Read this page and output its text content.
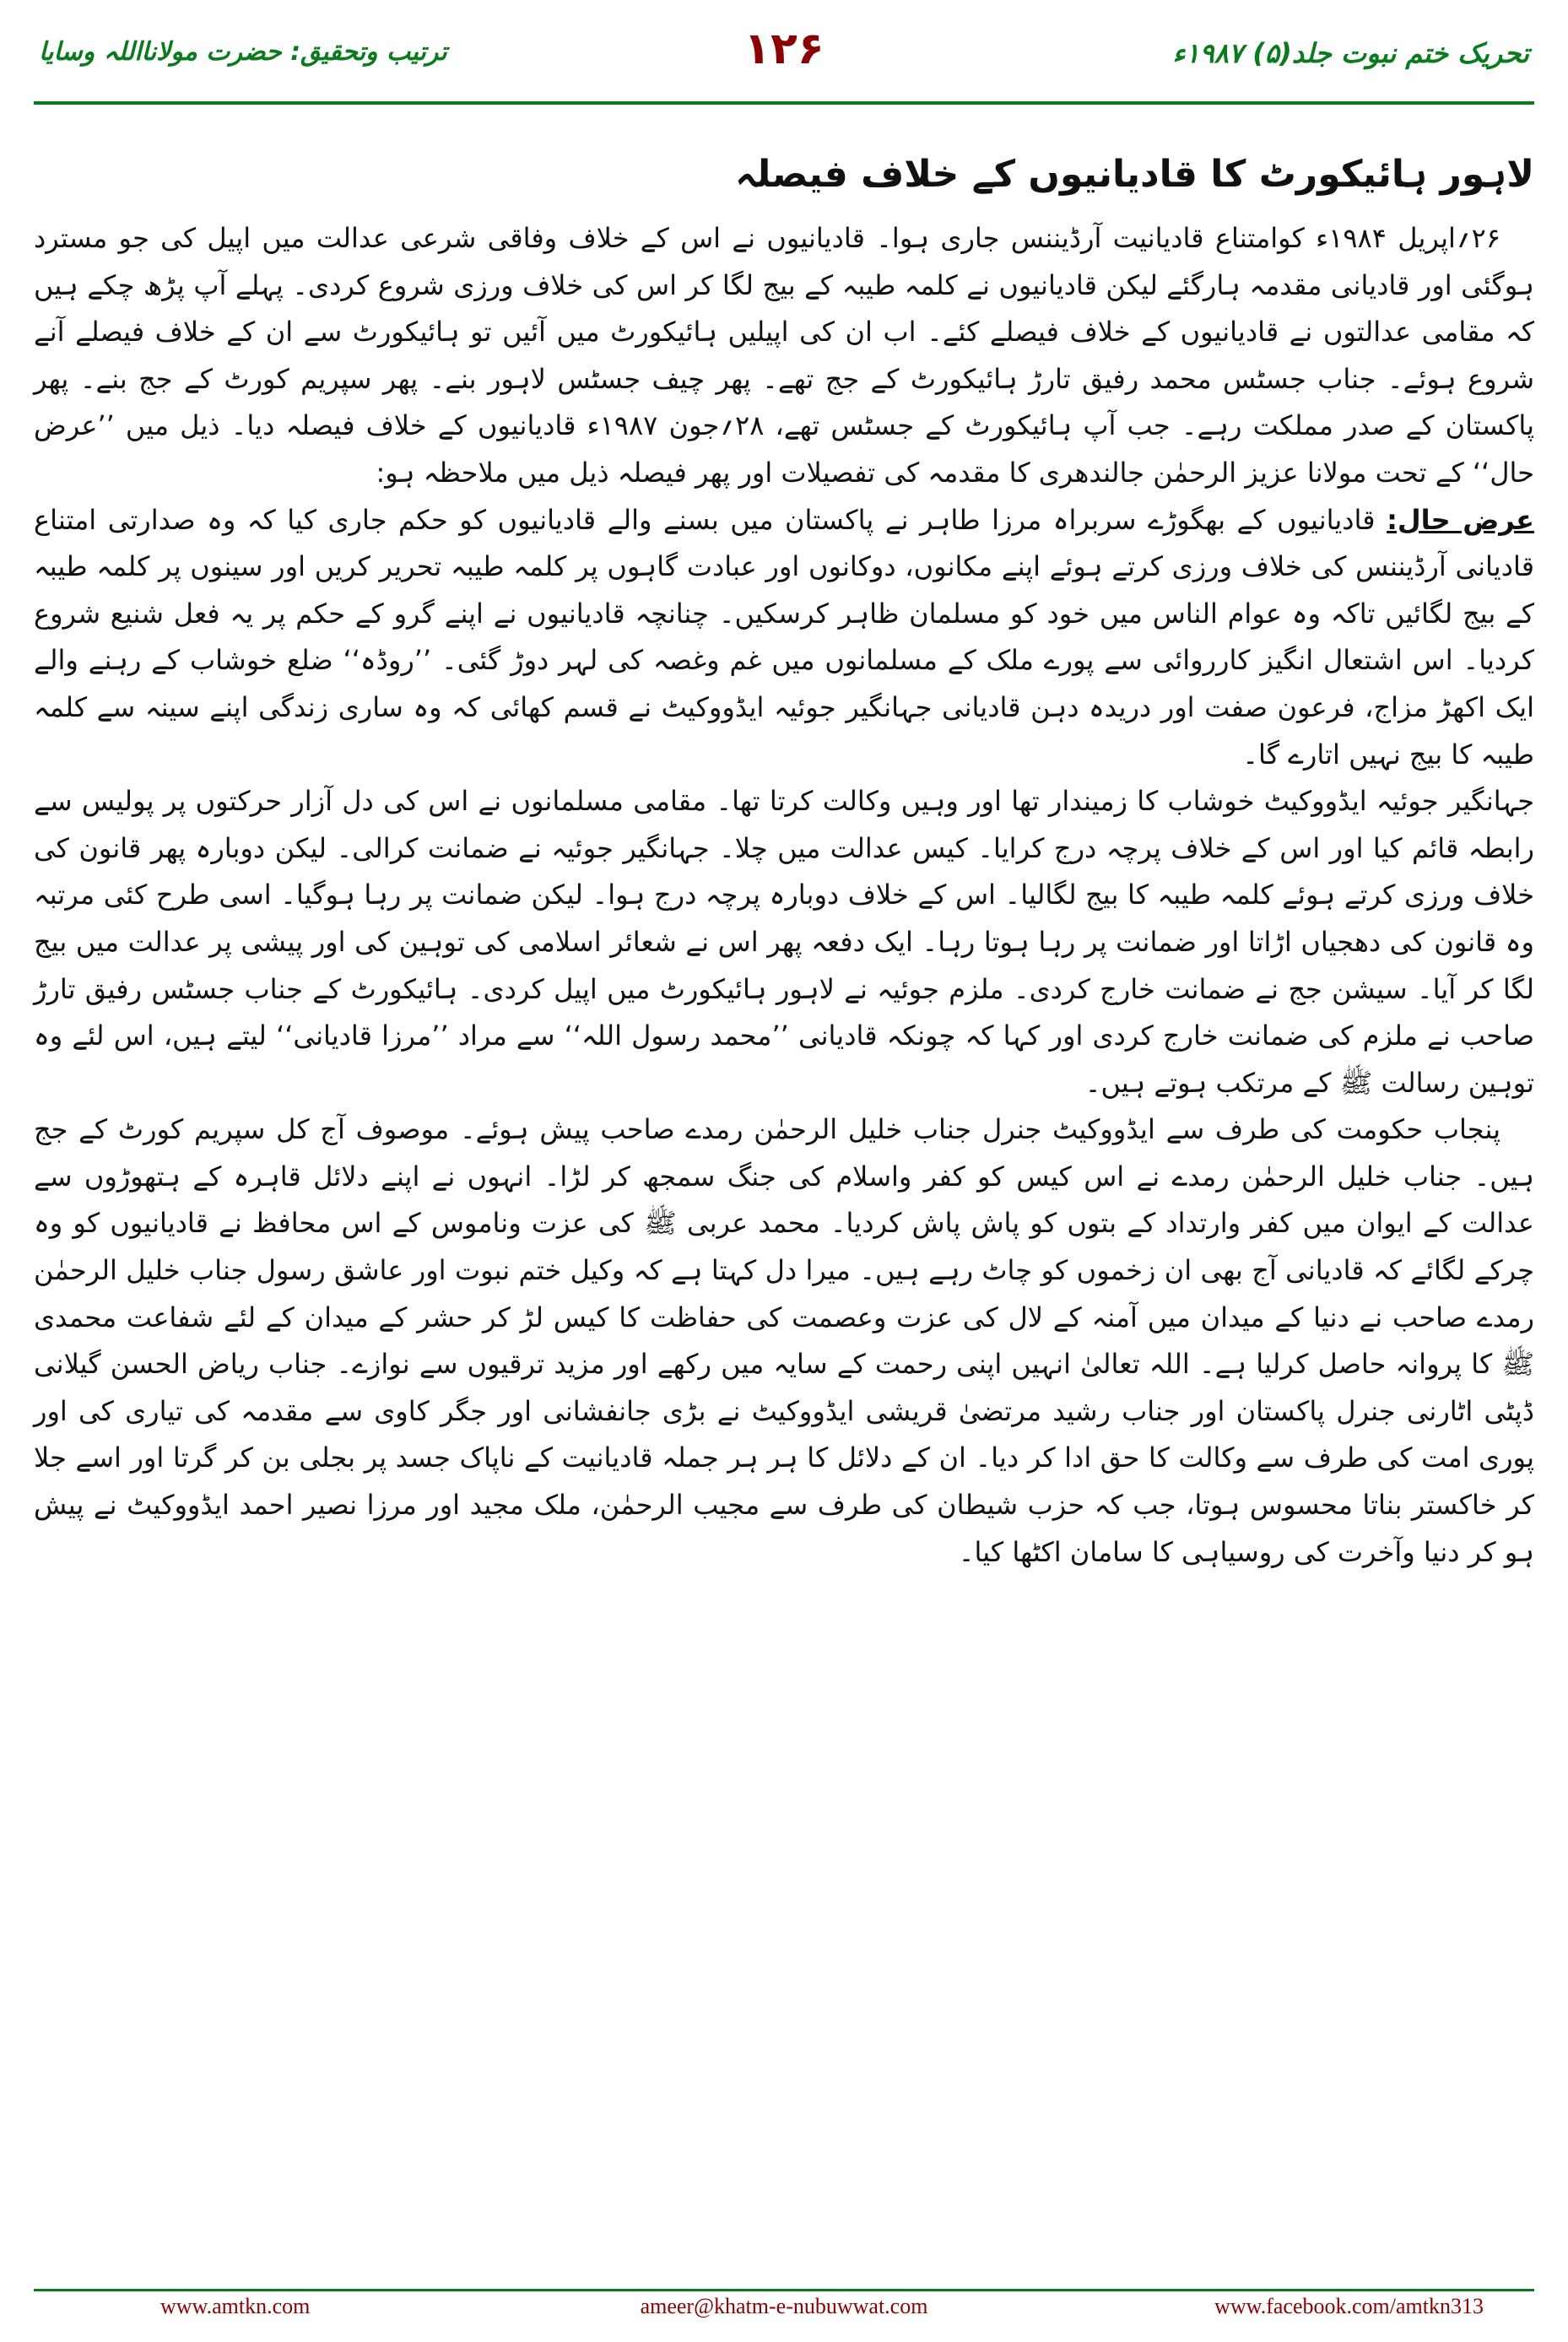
تحریک ختم نبوت جلد(۵) ۱۹۸۷ء
۱۲۶
ترتیب وتحقیق: حضرت مولانااللہ وسایا
لاہور ہائیکورٹ کا قادیانیوں کے خلاف فیصلہ

۲۶؍اپریل ۱۹۸۴ء کوامتناع قادیانیت آرڈیننس جاری ہوا۔ قادیانیوں نے اس کے خلاف وفاقی شرعی عدالت میں اپیل کی جو مسترد ہوگئی اور قادیانی مقدمہ ہارگئے لیکن قادیانیوں نے کلمہ طیبہ کے بیج لگا کر اس کی خلاف ورزی شروع کردی۔ پہلے آپ پڑھ چکے ہیں کہ مقامی عدالتوں نے قادیانیوں کے خلاف فیصلے کئے۔ اب ان کی اپیلیں ہائیکورٹ میں آئیں تو ہائیکورٹ سے ان کے خلاف فیصلے آنے شروع ہوئے۔ جناب جسٹس محمد رفیق تارڑ ہائیکورٹ کے جج تھے۔ پھر چیف جسٹس لاہور بنے۔ پھر سپریم کورٹ کے جج بنے۔ پھر پاکستان کے صدر مملکت رہے۔ جب آپ ہائیکورٹ کے جسٹس تھے، ۲۸؍جون ۱۹۸۷ء قادیانیوں کے خلاف فیصلہ دیا۔ ذیل میں ’’عرض حال‘‘ کے تحت مولانا عزیز الرحمٰن جالندھری کا مقدمہ کی تفصیلات اور پھر فیصلہ ذیل میں ملاحظہ ہو:

عرض حال: قادیانیوں کے بھگوڑے سربراہ مرزا طاہر نے پاکستان میں بسنے والے قادیانیوں کو حکم جاری کیا کہ وہ صدارتی امتناع قادیانی آرڈیننس کی خلاف ورزی کرتے ہوئے اپنے مکانوں، دوکانوں اور عبادت گاہوں پر کلمہ طیبہ تحریر کریں اور سینوں پر کلمہ طیبہ کے بیج لگائیں تاکہ وہ عوام الناس میں خود کو مسلمان ظاہر کرسکیں۔ چنانچہ قادیانیوں نے اپنے گرو کے حکم پر یہ فعل شنیع شروع کردیا۔ اس اشتعال انگیز کارروائی سے پورے ملک کے مسلمانوں میں غم وغصہ کی لہر دوڑ گئی۔ ’’روڈہ‘‘ ضلع خوشاب کے رہنے والے ایک اکھڑ مزاج، فرعون صفت اور دریدہ دہن قادیانی جہانگیر جوئیہ ایڈووکیٹ نے قسم کھائی کہ وہ ساری زندگی اپنے سینہ سے کلمہ طیبہ کا بیج نہیں اتارے گا۔

جہانگیر جوئیہ ایڈووکیٹ خوشاب کا زمیندار تھا اور وہیں وکالت کرتا تھا۔ مقامی مسلمانوں نے اس کی دل آزار حرکتوں پر پولیس سے رابطہ قائم کیا اور اس کے خلاف پرچہ درج کرایا۔ کیس عدالت میں چلا۔ جہانگیر جوئیہ نے ضمانت کرالی۔ لیکن دوبارہ پھر قانون کی خلاف ورزی کرتے ہوئے کلمہ طیبہ کا بیج لگالیا۔ اس کے خلاف دوبارہ پرچہ درج ہوا۔ لیکن ضمانت پر رہا ہوگیا۔ اسی طرح کئی مرتبہ وہ قانون کی دھجیاں اڑاتا اور ضمانت پر رہا ہوتا رہا۔ ایک دفعہ پھر اس نے شعائر اسلامی کی توہین کی اور پیشی پر عدالت میں بیج لگا کر آیا۔ سیشن جج نے ضمانت خارج کردی۔ ملزم جوئیہ نے لاہور ہائیکورٹ میں اپیل کردی۔ ہائیکورٹ کے جناب جسٹس رفیق تارڑ صاحب نے ملزم کی ضمانت خارج کردی اور کہا کہ چونکہ قادیانی ’’محمد رسول اللہ‘‘ سے مراد ’’مرزا قادیانی‘‘ لیتے ہیں، اس لئے وہ توہین رسالت ﷺ کے مرتکب ہوتے ہیں۔

پنجاب حکومت کی طرف سے ایڈووکیٹ جنرل جناب خلیل الرحمٰن رمدے صاحب پیش ہوئے۔ موصوف آج کل سپریم کورٹ کے جج ہیں۔ جناب خلیل الرحمٰن رمدے نے اس کیس کو کفر واسلام کی جنگ سمجھ کر لڑا۔ انہوں نے اپنے دلائل قاہرہ کے ہتھوڑوں سے عدالت کے ایوان میں کفر وارتداد کے بتوں کو پاش پاش کردیا۔ محمد عربی ﷺ کی عزت وناموس کے اس محافظ نے قادیانیوں کو وہ چرکے لگائے کہ قادیانی آج بھی ان زخموں کو چاٹ رہے ہیں۔ میرا دل کہتا ہے کہ وکیل ختم نبوت اور عاشق رسول جناب خلیل الرحمٰن رمدے صاحب نے دنیا کے میدان میں آمنہ کے لال کی عزت وعصمت کی حفاظت کا کیس لڑ کر حشر کے میدان کے لئے شفاعت محمدی ﷺ کا پروانہ حاصل کرلیا ہے۔ اللہ تعالیٰ انہیں اپنی رحمت کے سایہ میں رکھے اور مزید ترقیوں سے نوازے۔ جناب ریاض الحسن گیلانی ڈپٹی اٹارنی جنرل پاکستان اور جناب رشید مرتضیٰ قریشی ایڈووکیٹ نے بڑی جانفشانی اور جگر کاوی سے مقدمہ کی تیاری کی اور پوری امت کی طرف سے وکالت کا حق ادا کر دیا۔ ان کے دلائل کا ہر ہر جملہ قادیانیت کے ناپاک جسد پر بجلی بن کر گرتا اور اسے جلا کر خاکستر بناتا محسوس ہوتا، جب کہ حزب شیطان کی طرف سے مجیب الرحمٰن، ملک مجید اور مرزا نصیر احمد ایڈووکیٹ نے پیش ہو کر دنیا وآخرت کی روسیاہی کا سامان اکٹھا کیا۔

www.amtkn.com	ameer@khatm-e-nubuwwat.com	www.facebook.com/amtkn313
